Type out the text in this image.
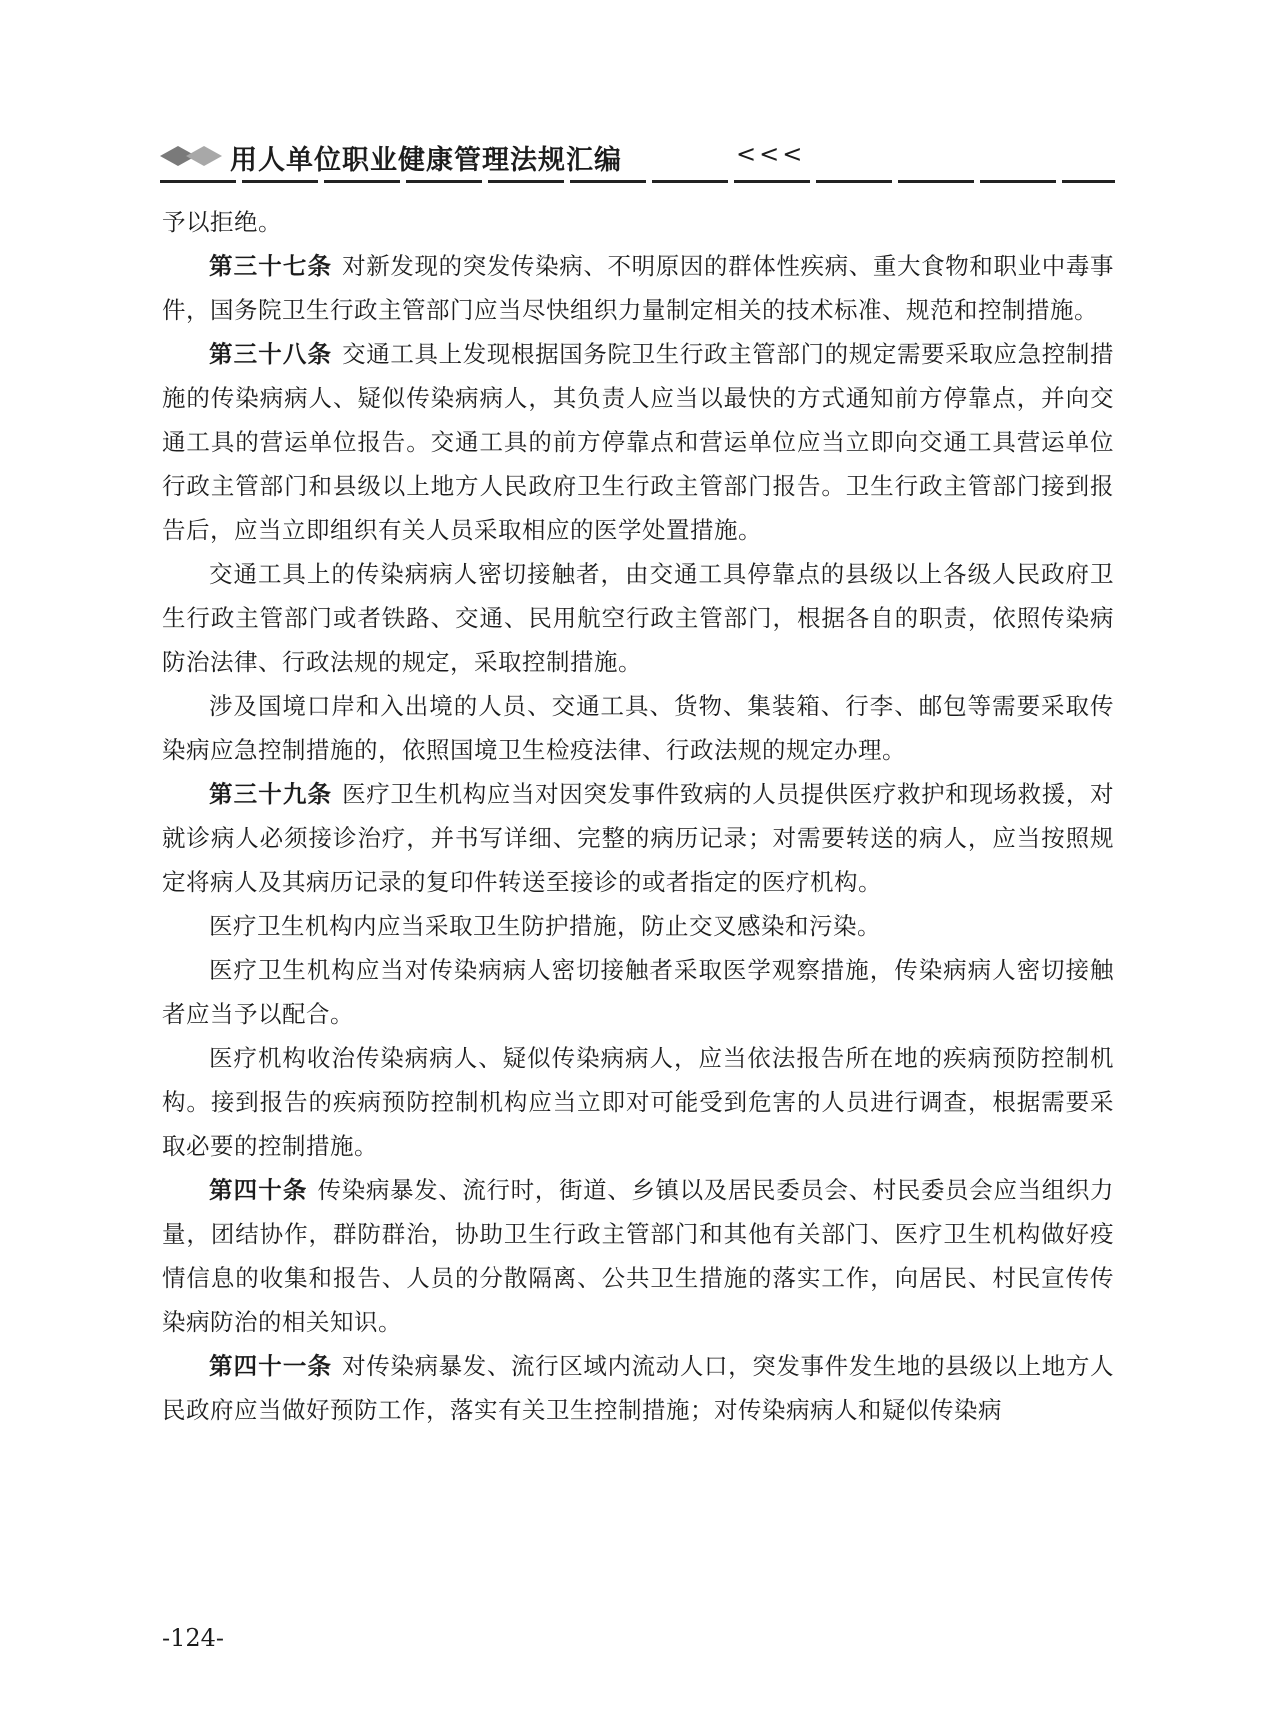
用人单位职业健康管理法规汇编	<<<

予以拒绝。

第三十七条 对新发现的突发传染病、不明原因的群体性疾病、重大食物和职业中毒事件，国务院卫生行政主管部门应当尽快组织力量制定相关的技术标准、规范和控制措施。

第三十八条 交通工具上发现根据国务院卫生行政主管部门的规定需要采取应急控制措施的传染病病人、疑似传染病病人，其负责人应当以最快的方式通知前方停靠点，并向交通工具的营运单位报告。交通工具的前方停靠点和营运单位应当立即向交通工具营运单位行政主管部门和县级以上地方人民政府卫生行政主管部门报告。卫生行政主管部门接到报告后，应当立即组织有关人员采取相应的医学处置措施。

交通工具上的传染病病人密切接触者，由交通工具停靠点的县级以上各级人民政府卫生行政主管部门或者铁路、交通、民用航空行政主管部门，根据各自的职责，依照传染病防治法律、行政法规的规定，采取控制措施。

涉及国境口岸和入出境的人员、交通工具、货物、集装箱、行李、邮包等需要采取传染病应急控制措施的，依照国境卫生检疫法律、行政法规的规定办理。

第三十九条 医疗卫生机构应当对因突发事件致病的人员提供医疗救护和现场救援，对就诊病人必须接诊治疗，并书写详细、完整的病历记录；对需要转送的病人，应当按照规定将病人及其病历记录的复印件转送至接诊的或者指定的医疗机构。

医疗卫生机构内应当采取卫生防护措施，防止交叉感染和污染。

医疗卫生机构应当对传染病病人密切接触者采取医学观察措施，传染病病人密切接触者应当予以配合。

医疗机构收治传染病病人、疑似传染病病人，应当依法报告所在地的疾病预防控制机构。接到报告的疾病预防控制机构应当立即对可能受到危害的人员进行调查，根据需要采取必要的控制措施。

第四十条 传染病暴发、流行时，街道、乡镇以及居民委员会、村民委员会应当组织力量，团结协作，群防群治，协助卫生行政主管部门和其他有关部门、医疗卫生机构做好疫情信息的收集和报告、人员的分散隔离、公共卫生措施的落实工作，向居民、村民宣传传染病防治的相关知识。

第四十一条 对传染病暴发、流行区域内流动人口，突发事件发生地的县级以上地方人民政府应当做好预防工作，落实有关卫生控制措施；对传染病病人和疑似传染病

-124-
